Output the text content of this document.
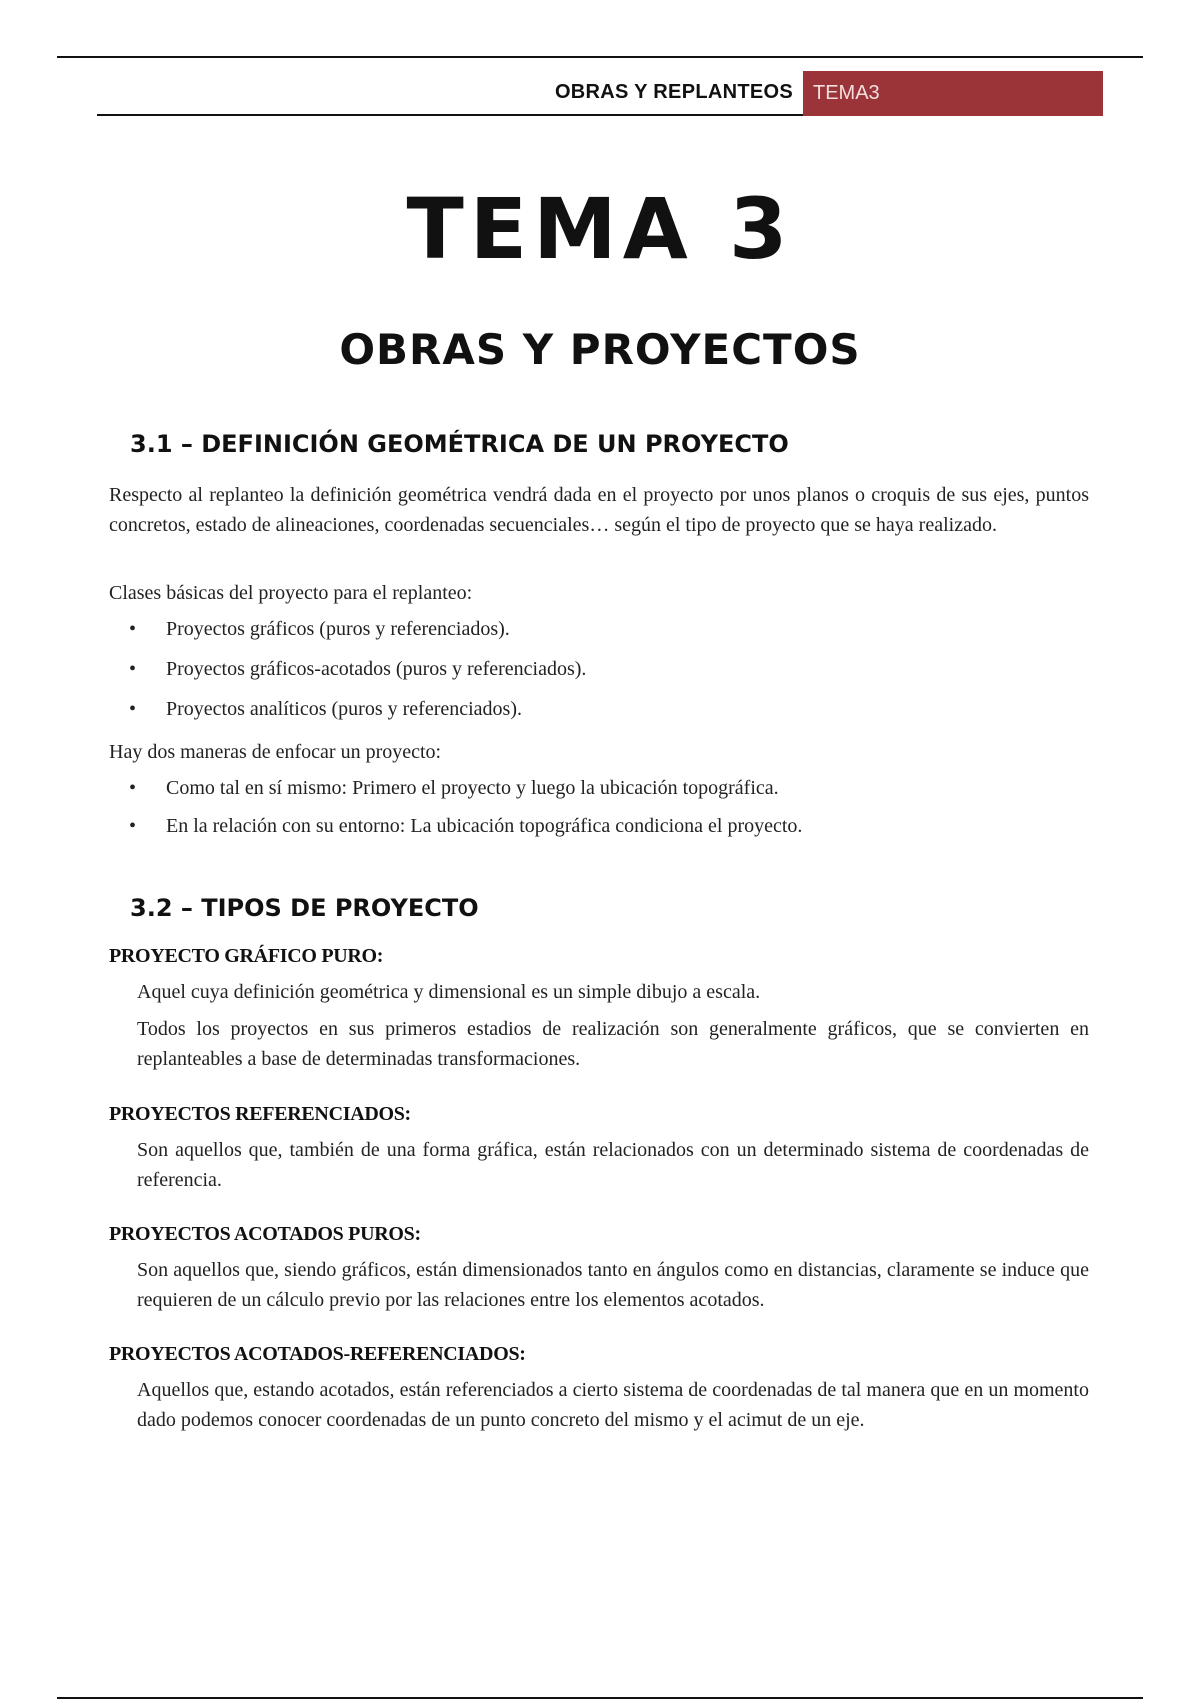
OBRAS Y REPLANTEOS	TEMA3
TEMA 3
OBRAS Y PROYECTOS
3.1 – DEFINICIÓN GEOMÉTRICA DE UN PROYECTO

Respecto al replanteo la definición geométrica vendrá dada en el proyecto por unos planos o croquis de sus ejes, puntos concretos, estado de alineaciones, coordenadas secuenciales… según el tipo de proyecto que se haya realizado.

Clases básicas del proyecto para el replanteo:

• Proyectos gráficos (puros y referenciados).
• Proyectos gráficos-acotados (puros y referenciados).
• Proyectos analíticos (puros y referenciados).

Hay dos maneras de enfocar un proyecto:

• Como tal en sí mismo: Primero el proyecto y luego la ubicación topográfica.
• En la relación con su entorno: La ubicación topográfica condiciona el proyecto.
3.2 – TIPOS DE PROYECTO
PROYECTO GRÁFICO PURO:

Aquel cuya definición geométrica y dimensional es un simple dibujo a escala.

Todos los proyectos en sus primeros estadios de realización son generalmente gráficos, que se convierten en replanteables a base de determinadas transformaciones.

PROYECTOS REFERENCIADOS:

Son aquellos que, también de una forma gráfica, están relacionados con un determinado sistema de coordenadas de referencia.

PROYECTOS ACOTADOS PUROS:

Son aquellos que, siendo gráficos, están dimensionados tanto en ángulos como en distancias, claramente se induce que requieren de un cálculo previo por las relaciones entre los elementos acotados.

PROYECTOS ACOTADOS-REFERENCIADOS:

Aquellos que, estando acotados, están referenciados a cierto sistema de coordenadas de tal manera que en un momento dado podemos conocer coordenadas de un punto concreto del mismo y el acimut de un eje.
